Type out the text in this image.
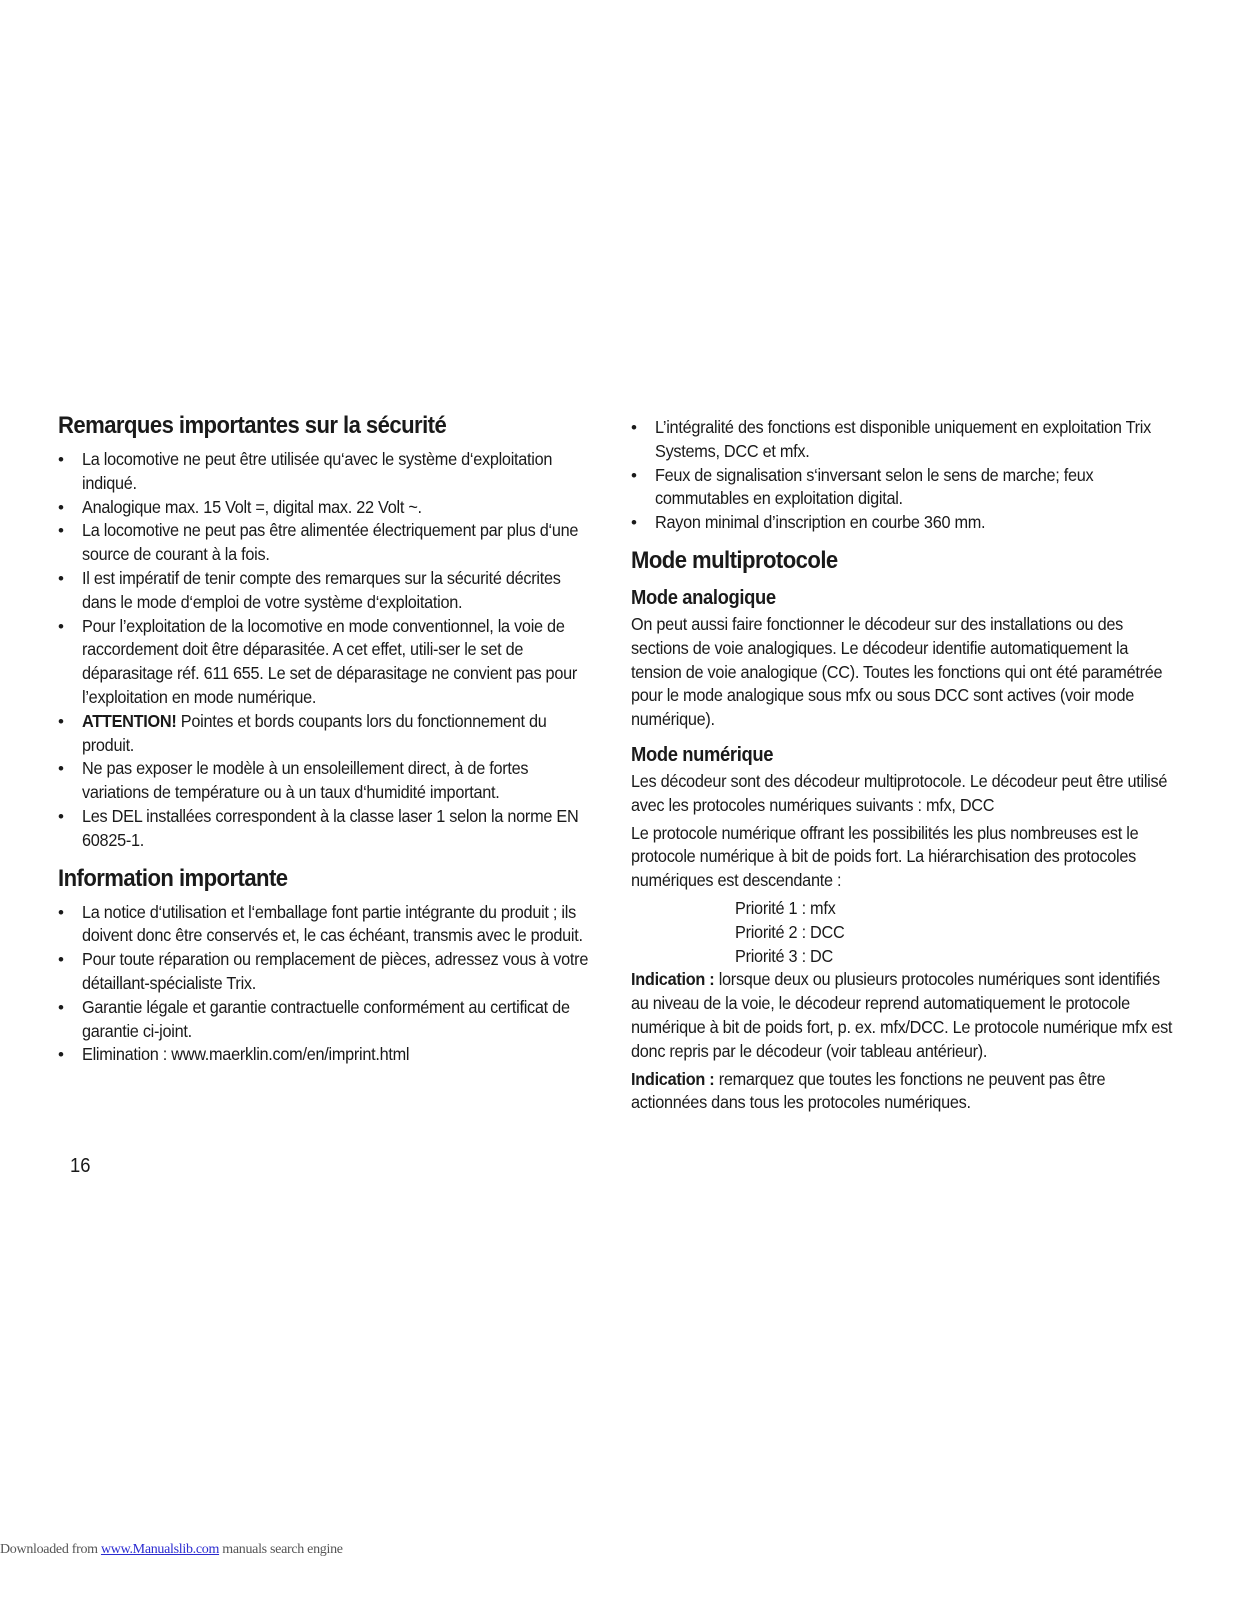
Remarques importantes sur la sécurité
• La locomotive ne peut être utilisée qu‘avec le système d‘exploitation indiqué.
• Analogique max. 15 Volt =, digital max. 22 Volt ~.
• La locomotive ne peut pas être alimentée électriquement par plus d‘une source de courant à la fois.
• Il est impératif de tenir compte des remarques sur la sécurité décrites dans le mode d‘emploi de votre système d‘exploitation.
• Pour l’exploitation de la locomotive en mode conventionnel, la voie de raccordement doit être déparasitée. A cet effet, utili-ser le set de déparasitage réf. 611 655. Le set de déparasitage ne convient pas pour l’exploitation en mode numérique.
• ATTENTION! Pointes et bords coupants lors du fonctionnement du produit.
• Ne pas exposer le modèle à un ensoleillement direct, à de fortes variations de température ou à un taux d‘humidité important.
• Les DEL installées correspondent à la classe laser 1 selon la norme EN 60825-1.
Information importante
• La notice d‘utilisation et l‘emballage font partie intégrante du produit ; ils doivent donc être conservés et, le cas échéant, transmis avec le produit.
• Pour toute réparation ou remplacement de pièces, adressez vous à votre détaillant-spécialiste Trix.
• Garantie légale et garantie contractuelle conformément au certificat de garantie ci-joint.
• Elimination : www.maerklin.com/en/imprint.html
16
• L’intégralité des fonctions est disponible uniquement en exploitation Trix Systems, DCC et mfx.
• Feux de signalisation s‘inversant selon le sens de marche; feux commutables en exploitation digital.
• Rayon minimal d’inscription en courbe 360 mm.
Mode multiprotocole
Mode analogique

On peut aussi faire fonctionner le décodeur sur des installations ou des sections de voie analogiques. Le décodeur identifie automatiquement la tension de voie analogique (CC). Toutes les fonctions qui ont été paramétrée pour le mode analogique sous mfx ou sous DCC sont actives (voir mode numérique).

Mode numérique

Les décodeur sont des décodeur multiprotocole. Le décodeur peut être utilisé avec les protocoles numériques suivants : mfx, DCC

Le protocole numérique offrant les possibilités les plus nombreuses est le protocole numérique à bit de poids fort. La hiérarchisation des protocoles numériques est descendante :

Priorité 1 : mfx

Priorité 2 : DCC

Priorité 3 : DC

Indication : lorsque deux ou plusieurs protocoles numériques sont identifiés au niveau de la voie, le décodeur reprend automatiquement le protocole numérique à bit de poids fort, p. ex. mfx/DCC. Le protocole numérique mfx est donc repris par le décodeur (voir tableau antérieur).

Indication : remarquez que toutes les fonctions ne peuvent pas être actionnées dans tous les protocoles numériques.

Downloaded from www.Manualslib.com manuals search engine
